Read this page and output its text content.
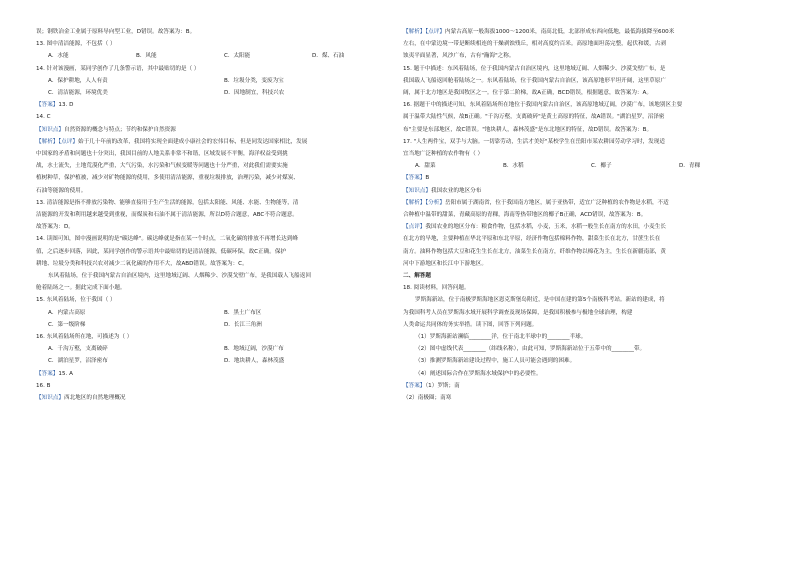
误；钢铁冶金工业属于原料导向型工业，D错误。故答案为：B。
13. 图中清洁能源，不包括（ ）
A．水能	B．风能	C．太阳能	D．煤、石油
14. 针对该漫画，某同学创作了几条警示语，其中最贴切的是（ ）
A．保护耕地，人人有责	B．垃圾分类，变废为宝
C．清洁能源，环境优美	D．因地制宜，科技兴农
【答案】13. D
14. C
【知识点】自然资源的概念与特点；节约和保护自然资源
【解析】【点评】始于几十年前的改革，我国将实现全面建成小康社会的宏伟目标，但是同发达国家相比，发展
中国家的矛盾和问题也十分突出，我国目前的人地关系非常不和谐，区域发展不平衡，海洋权益受到挑
战，水土流失，土地荒漠化严重，大气污染，水污染和气候变暖等问题也十分严重，对此我们需要实施
植树种草，保护植被，减少对矿物能源的使用，多使用清洁能源，重视垃圾排放，治理污染，减少对煤炭、
石油等能源的使用。
13. 清洁能源是指不排放污染物、能够直接用于生产生活的能源，包括太阳能、风能、水能、生物能等，清
洁能源的开发和利用越来越受到重视，而煤炭和石油不属于清洁能源，所以D符合题意，ABC不符合题意。
故答案为：D。
14. 读图可知，图中漫画说明的是"碳达峰"。碳达峰就是指在某一个时点，二氧化碳的排放不再增长达到峰
值，之后逐步回落，因此，某同学创作的警示语其中最贴切的是清洁能源，低碳环保，故C正确。保护
耕地、垃圾分类和科技兴农对减少二氧化碳的作用不大，故ABD错误。故答案为：C。
东风着陆场，位于我国内蒙古自治区境内，这里地域辽阔、人烟稀少、沙漠戈壁广布，是我国载人飞船返回
舱着陆场之一。据此完成下面小题。
15. 东风着陆场，位于我国（ ）
A．内蒙古高原	B．黑土广布区
C．第一级阶梯	D．长江三角洲
16. 东风着陆场所在地，可描述为（ ）
A．千沟万壑，支离破碎	B．地域辽阔，沙漠广布
C．湖泊星罗，沼泽密布	D．地块耕人，森林茂盛
【答案】15. A
16. B
【知识点】西北地区的自然地理概况
【解析】【点评】内蒙古高原一般海拔1000～1200米，南高北低，北部形成东西向低地，最低海拔降至600米
左右，在中蒙边境一带是断续相连的干燥剥蚀残丘，相对高度约百米。高原地面坦荡完整，起伏和缓，古剥
蚀夷平面显著，风沙广布，古有"瀚海"之称。
15. 题干中描述：东风着陆场，位于我国内蒙古自治区境内，这里地域辽阔、人烟稀少、沙漠戈壁广布，是
我国载人飞船返回舱着陆场之一。东风着陆场，位于我国内蒙古自治区，该高原地形平坦开阔，这里草原广
阔，属于北方地区是我国牧区之一。位于第二阶梯，故A正确，BCD错误，根据题意，故答案为：A。
16. 据题干中的描述可知，东风着陆场所在地位于我国内蒙古自治区，该高原地域辽阔，沙漠广布，该地别区主要
属于温带大陆性气候，故B正确。"千沟万壑，支离破碎"是黄土高原的特征，故A错误。"湖泊星罗，沼泽密
布"主要是东部地区，故C错误。"地块耕人，森林茂盛"是东北地区的特征，故D错误。故答案为：B。
17. "人生两件宝，双手与大脑。一切靠劳动，生活才美好"某校学生在岳阳市某农耕园劳动学习时，发现适
宜当地广泛种植的农作物有（ ）
A．甜菜	B．水稻	C．椰子	D．青稞
【答案】B
【知识点】我国农业的地区分布
【解析】【分析】岳阳市属于湖南省，位于我国南方地区，属于亚热带，适宜广泛种植的农作物是水稻，不适
合种植中温带的甜菜，青藏高原的青稞，海南等热带地区的椰子B正确，ACD错误，故答案为：B。
【点评】我国农业的地区分布：粮食作物，包括水稻，小麦，玉米，水稻一般生长在南方的水田，小麦生长
在北方的旱地，主要种植在华北平原和东北平原，经济作物包括棉料作物，甜菜生长在北方，甘蔗生长在
南方。油料作物包括大豆和花生生长在北方，油菜生长在南方，纤维作物以棉花为主，生长在新疆南部，黄
河中下游地区和长江中下游地区。
二、解答题
18. 阅读材料，回答问题。
罗斯海新站，位于南极罗斯海地区恩克斯堡岛附近，是中国在建的第5个南极科考站。新站的建成，将
为我国科考人员在罗斯海水域开展科学调查及现场保障，是我国积极参与极地全球治理，构建
人类命运共同体的务实举措。读下图，回答下列问题。
（1）罗斯海新站濒临________洋，位于南北半球中的________半球。
（2）图中虚线代表________（纬线名称），由此可知，罗斯海新站位于五带中的________带。
（3）推测罗斯海新站建设过程中，施工人员可能会遇到的困难。
（4）阐述国际合作在罗斯海水域保护中的必要性。
【答案】（1）罗斯；南
（2）南极圈；南寒
